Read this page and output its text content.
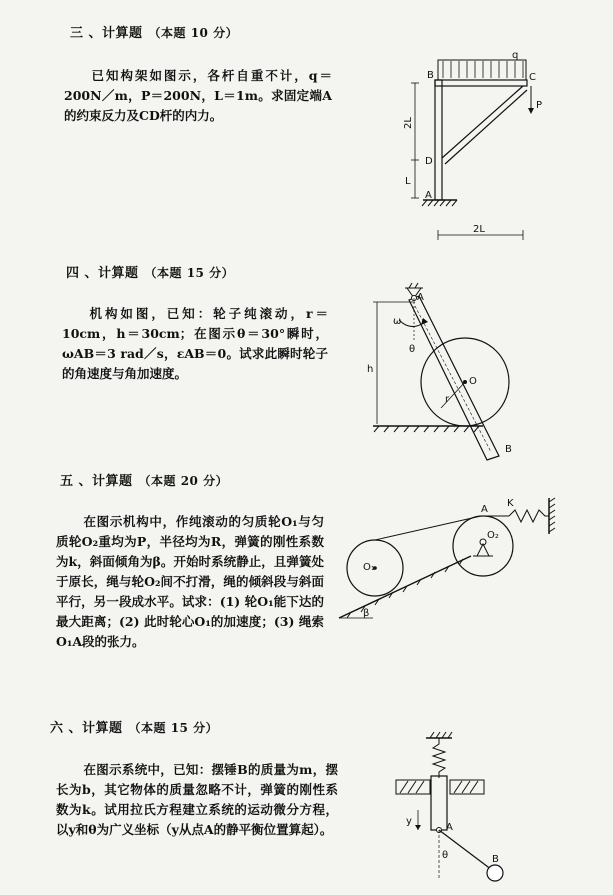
三 、计算题 （本题 10 分）
已知构架如图示，各杆自重不计，q＝200N／m，P＝200N，L＝1m。求固定端A的约束反力及CD杆的内力。
q
B	C
P
D
A
2L
L
2L
四 、计算题 （本题 15 分）
机构如图，已知：轮子纯滚动，r＝10cm，h＝30cm；在图示θ＝30°瞬时，ωAB＝3 rad／s，εAB＝0。试求此瞬时轮子的角速度与角加速度。	h
A
ω
θ
O
r
B
五 、计算题 （本题 20 分）
在图示机构中，作纯滚动的匀质轮O₁与匀质轮O₂重均为P，半径均为R，弹簧的刚性系数为k，斜面倾角为β。开始时系统静止，且弹簧处于原长，绳与轮O₂间不打滑，绳的倾斜段与斜面平行，另一段成水平。试求：(1) 轮O₁能下达的最大距离；(2) 此时轮心O₁的加速度；(3) 绳索O₁A段的张力。
β
O₁
O₂
A
K
六 、计算题 （本题 15 分）
在图示系统中，已知：摆锤B的质量为m，摆长为b，其它物体的质量忽略不计，弹簧的刚性系数为k。试用拉氏方程建立系统的运动微分方程，以y和θ为广义坐标（y从点A的静平衡位置算起）。
y
A
θ	B
